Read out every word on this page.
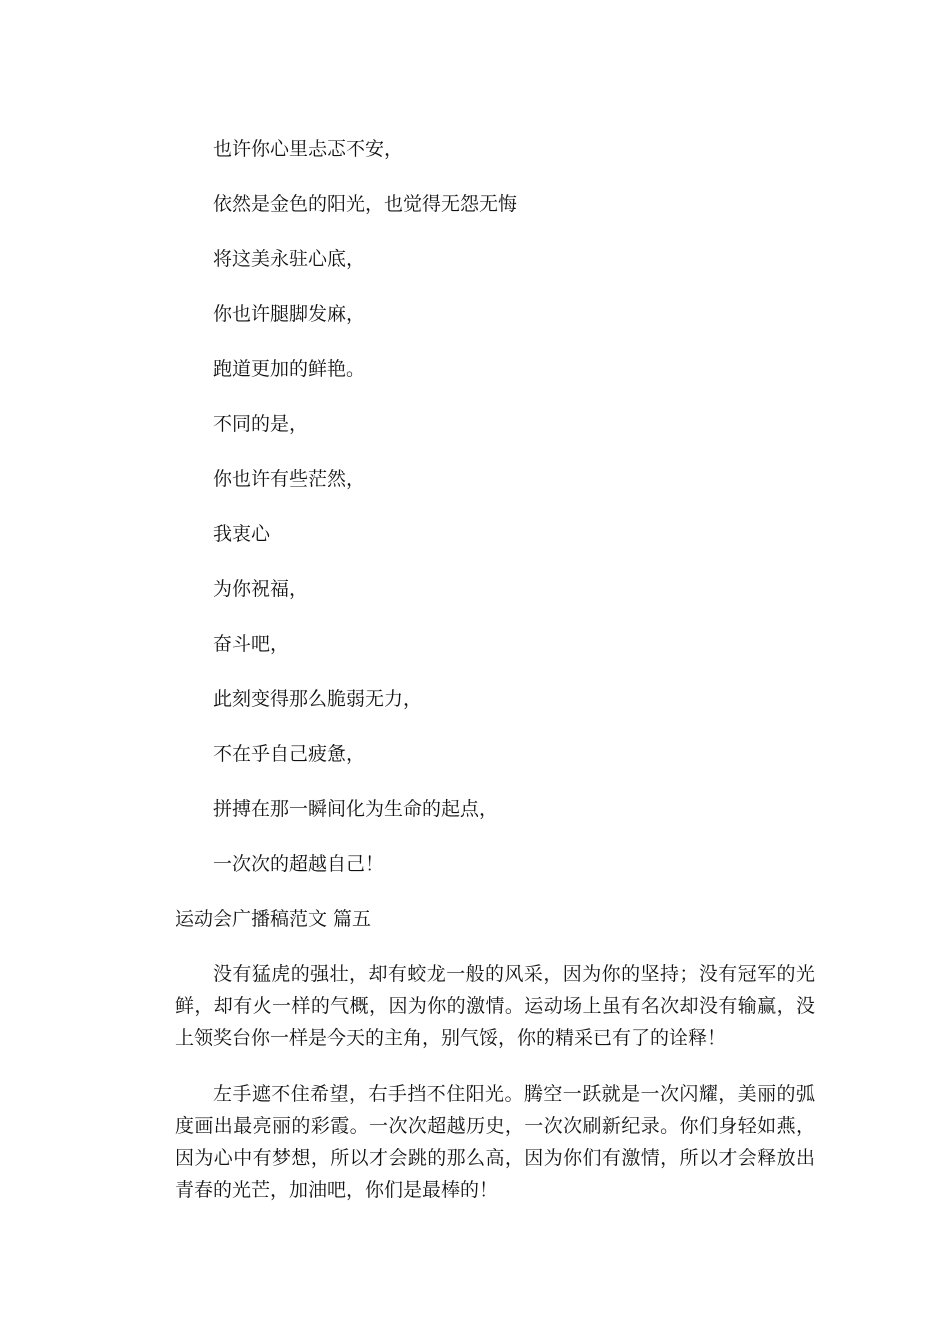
也许你心里忐忑不安，
依然是金色的阳光，也觉得无怨无悔
将这美永驻心底，
你也许腿脚发麻，
跑道更加的鲜艳。
不同的是，
你也许有些茫然，
我衷心
为你祝福，
奋斗吧，
此刻变得那么脆弱无力，
不在乎自己疲惫，
拼搏在那一瞬间化为生命的起点，
一次次的超越自己！
运动会广播稿范文 篇五

没有猛虎的强壮，却有蛟龙一般的风采，因为你的坚持；没有冠军的光鲜，却有火一样的气概，因为你的激情。运动场上虽有名次却没有输赢，没上领奖台你一样是今天的主角，别气馁，你的精采已有了的诠释！

左手遮不住希望，右手挡不住阳光。腾空一跃就是一次闪耀，美丽的弧度画出最亮丽的彩霞。一次次超越历史，一次次刷新纪录。你们身轻如燕，因为心中有梦想，所以才会跳的那么高，因为你们有激情，所以才会释放出青春的光芒，加油吧，你们是最棒的！
